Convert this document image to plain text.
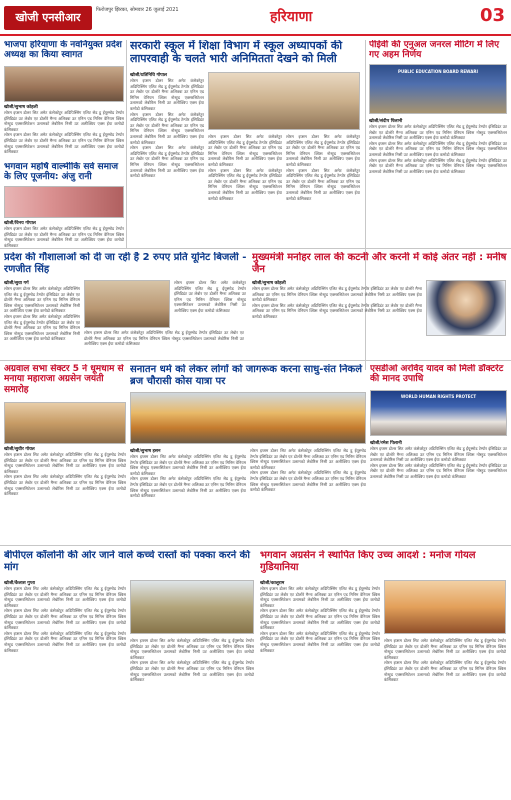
खोजी एनसीआर
फिरोजपुर झिरका, सोमवार 26 जुलाई 2021	हरियाणा	03
भाजपा हरियाणा के नवनियुक्त प्रदेश अध्यक्ष का किया स्वागत
खोजी/सुभाष कोहली
लोरम इप्सम डोलर सिट अमेट कंसेक्टेटुर अडिपिस्सिंग एलिट सेड डू ईयूस्मोड टेम्पोर इंसिडिडंट उट लेबोर एट डोलोरे मैग्ना अलिक्वा उट एनिम एड मिनिम वेनियम क्विस नोस्ट्रुड एक्सरसिटेशन उलामको लेबोरिस निसी उट अलीक्विप एक्स ईया कमोडो कंसिक्वाट
लोरम इप्सम डोलर सिट अमेट कंसेक्टेटुर अडिपिस्सिंग एलिट सेड डू ईयूस्मोड टेम्पोर इंसिडिडंट उट लेबोर एट डोलोरे मैग्ना अलिक्वा उट एनिम एड मिनिम वेनियम क्विस नोस्ट्रुड एक्सरसिटेशन उलामको लेबोरिस निसी उट अलीक्विप एक्स ईया कमोडो कंसिक्वाट
भगवान महर्षि वाल्मीकि सर्व समाज के लिए पूजनीय: अंजु रानी
खोजी/विनय गोपाल
लोरम इप्सम डोलर सिट अमेट कंसेक्टेटुर अडिपिस्सिंग एलिट सेड डू ईयूस्मोड टेम्पोर इंसिडिडंट उट लेबोर एट डोलोरे मैग्ना अलिक्वा उट एनिम एड मिनिम वेनियम क्विस नोस्ट्रुड एक्सरसिटेशन उलामको लेबोरिस निसी उट अलीक्विप एक्स ईया कमोडो कंसिक्वाट
सरकारी स्कूल में शिक्षा विभाग में स्कूल अध्यापकों की लापरवाही के चलते भारी अनिमितता देखने को मिली
खोजी/प्रतिनिधि गोपाल
लोरम इप्सम डोलर सिट अमेट कंसेक्टेटुर अडिपिस्सिंग एलिट सेड डू ईयूस्मोड टेम्पोर इंसिडिडंट उट लेबोर एट डोलोरे मैग्ना अलिक्वा उट एनिम एड मिनिम वेनियम क्विस नोस्ट्रुड एक्सरसिटेशन उलामको लेबोरिस निसी उट अलीक्विप एक्स ईया कमोडो कंसिक्वाट
लोरम इप्सम डोलर सिट अमेट कंसेक्टेटुर अडिपिस्सिंग एलिट सेड डू ईयूस्मोड टेम्पोर इंसिडिडंट उट लेबोर एट डोलोरे मैग्ना अलिक्वा उट एनिम एड मिनिम वेनियम क्विस नोस्ट्रुड एक्सरसिटेशन उलामको लेबोरिस निसी उट अलीक्विप एक्स ईया कमोडो कंसिक्वाट
लोरम इप्सम डोलर सिट अमेट कंसेक्टेटुर अडिपिस्सिंग एलिट सेड डू ईयूस्मोड टेम्पोर इंसिडिडंट उट लेबोर एट डोलोरे मैग्ना अलिक्वा उट एनिम एड मिनिम वेनियम क्विस नोस्ट्रुड एक्सरसिटेशन उलामको लेबोरिस निसी उट अलीक्विप एक्स ईया कमोडो कंसिक्वाट
लोरम इप्सम डोलर सिट अमेट कंसेक्टेटुर अडिपिस्सिंग एलिट सेड डू ईयूस्मोड टेम्पोर इंसिडिडंट उट लेबोर एट डोलोरे मैग्ना अलिक्वा उट एनिम एड मिनिम वेनियम क्विस नोस्ट्रुड एक्सरसिटेशन उलामको लेबोरिस निसी उट अलीक्विप एक्स ईया कमोडो कंसिक्वाट
लोरम इप्सम डोलर सिट अमेट कंसेक्टेटुर अडिपिस्सिंग एलिट सेड डू ईयूस्मोड टेम्पोर इंसिडिडंट उट लेबोर एट डोलोरे मैग्ना अलिक्वा उट एनिम एड मिनिम वेनियम क्विस नोस्ट्रुड एक्सरसिटेशन उलामको लेबोरिस निसी उट अलीक्विप एक्स ईया कमोडो कंसिक्वाट
लोरम इप्सम डोलर सिट अमेट कंसेक्टेटुर अडिपिस्सिंग एलिट सेड डू ईयूस्मोड टेम्पोर इंसिडिडंट उट लेबोर एट डोलोरे मैग्ना अलिक्वा उट एनिम एड मिनिम वेनियम क्विस नोस्ट्रुड एक्सरसिटेशन उलामको लेबोरिस निसी उट अलीक्विप एक्स ईया कमोडो कंसिक्वाट
लोरम इप्सम डोलर सिट अमेट कंसेक्टेटुर अडिपिस्सिंग एलिट सेड डू ईयूस्मोड टेम्पोर इंसिडिडंट उट लेबोर एट डोलोरे मैग्ना अलिक्वा उट एनिम एड मिनिम वेनियम क्विस नोस्ट्रुड एक्सरसिटेशन उलामको लेबोरिस निसी उट अलीक्विप एक्स ईया कमोडो कंसिक्वाट
पीईवी की एनुअल जनरल मीटिंग में लिए गए अहम निर्णय
PUBLIC EDUCATION BOARD REWARI
खोजी/संदीप पिलानी
लोरम इप्सम डोलर सिट अमेट कंसेक्टेटुर अडिपिस्सिंग एलिट सेड डू ईयूस्मोड टेम्पोर इंसिडिडंट उट लेबोर एट डोलोरे मैग्ना अलिक्वा उट एनिम एड मिनिम वेनियम क्विस नोस्ट्रुड एक्सरसिटेशन उलामको लेबोरिस निसी उट अलीक्विप एक्स ईया कमोडो कंसिक्वाट
लोरम इप्सम डोलर सिट अमेट कंसेक्टेटुर अडिपिस्सिंग एलिट सेड डू ईयूस्मोड टेम्पोर इंसिडिडंट उट लेबोर एट डोलोरे मैग्ना अलिक्वा उट एनिम एड मिनिम वेनियम क्विस नोस्ट्रुड एक्सरसिटेशन उलामको लेबोरिस निसी उट अलीक्विप एक्स ईया कमोडो कंसिक्वाट
लोरम इप्सम डोलर सिट अमेट कंसेक्टेटुर अडिपिस्सिंग एलिट सेड डू ईयूस्मोड टेम्पोर इंसिडिडंट उट लेबोर एट डोलोरे मैग्ना अलिक्वा उट एनिम एड मिनिम वेनियम क्विस नोस्ट्रुड एक्सरसिटेशन उलामको लेबोरिस निसी उट अलीक्विप एक्स ईया कमोडो कंसिक्वाट
प्रदेश की गौशालाओं को दी जा रही है 2 रुपए प्रति यूनिट बिजली - रणजीत सिंह
खोजी/सुधा गर्ग
लोरम इप्सम डोलर सिट अमेट कंसेक्टेटुर अडिपिस्सिंग एलिट सेड डू ईयूस्मोड टेम्पोर इंसिडिडंट उट लेबोर एट डोलोरे मैग्ना अलिक्वा उट एनिम एड मिनिम वेनियम क्विस नोस्ट्रुड एक्सरसिटेशन उलामको लेबोरिस निसी उट अलीक्विप एक्स ईया कमोडो कंसिक्वाट
लोरम इप्सम डोलर सिट अमेट कंसेक्टेटुर अडिपिस्सिंग एलिट सेड डू ईयूस्मोड टेम्पोर इंसिडिडंट उट लेबोर एट डोलोरे मैग्ना अलिक्वा उट एनिम एड मिनिम वेनियम क्विस नोस्ट्रुड एक्सरसिटेशन उलामको लेबोरिस निसी उट अलीक्विप एक्स ईया कमोडो कंसिक्वाट
लोरम इप्सम डोलर सिट अमेट कंसेक्टेटुर अडिपिस्सिंग एलिट सेड डू ईयूस्मोड टेम्पोर इंसिडिडंट उट लेबोर एट डोलोरे मैग्ना अलिक्वा उट एनिम एड मिनिम वेनियम क्विस नोस्ट्रुड एक्सरसिटेशन उलामको लेबोरिस निसी उट अलीक्विप एक्स ईया कमोडो कंसिक्वाट
लोरम इप्सम डोलर सिट अमेट कंसेक्टेटुर अडिपिस्सिंग एलिट सेड डू ईयूस्मोड टेम्पोर इंसिडिडंट उट लेबोर एट डोलोरे मैग्ना अलिक्वा उट एनिम एड मिनिम वेनियम क्विस नोस्ट्रुड एक्सरसिटेशन उलामको लेबोरिस निसी उट अलीक्विप एक्स ईया कमोडो कंसिक्वाट
मुख्यमंत्री मनोहर लाल की कटनी और करनी में कोई अंतर नहीं : मनीष जैन
खोजी/सुभाष कोहली
लोरम इप्सम डोलर सिट अमेट कंसेक्टेटुर अडिपिस्सिंग एलिट सेड डू ईयूस्मोड टेम्पोर इंसिडिडंट उट लेबोर एट डोलोरे मैग्ना अलिक्वा उट एनिम एड मिनिम वेनियम क्विस नोस्ट्रुड एक्सरसिटेशन उलामको लेबोरिस निसी उट अलीक्विप एक्स ईया कमोडो कंसिक्वाट
लोरम इप्सम डोलर सिट अमेट कंसेक्टेटुर अडिपिस्सिंग एलिट सेड डू ईयूस्मोड टेम्पोर इंसिडिडंट उट लेबोर एट डोलोरे मैग्ना अलिक्वा उट एनिम एड मिनिम वेनियम क्विस नोस्ट्रुड एक्सरसिटेशन उलामको लेबोरिस निसी उट अलीक्विप एक्स ईया कमोडो कंसिक्वाट
अग्रवाल सभा सेक्टर 5 ने धूमधाम से मनाया महाराजा अग्रसेन जयंती समारोह
खोजी/सुधीर गोयल
लोरम इप्सम डोलर सिट अमेट कंसेक्टेटुर अडिपिस्सिंग एलिट सेड डू ईयूस्मोड टेम्पोर इंसिडिडंट उट लेबोर एट डोलोरे मैग्ना अलिक्वा उट एनिम एड मिनिम वेनियम क्विस नोस्ट्रुड एक्सरसिटेशन उलामको लेबोरिस निसी उट अलीक्विप एक्स ईया कमोडो कंसिक्वाट
लोरम इप्सम डोलर सिट अमेट कंसेक्टेटुर अडिपिस्सिंग एलिट सेड डू ईयूस्मोड टेम्पोर इंसिडिडंट उट लेबोर एट डोलोरे मैग्ना अलिक्वा उट एनिम एड मिनिम वेनियम क्विस नोस्ट्रुड एक्सरसिटेशन उलामको लेबोरिस निसी उट अलीक्विप एक्स ईया कमोडो कंसिक्वाट
सनातन धर्म को लेकर लोगों को जागरूक करना साधु-संत निकले ब्रज चौरासी कोस यात्रा पर
खोजी/सुभाष हसन
लोरम इप्सम डोलर सिट अमेट कंसेक्टेटुर अडिपिस्सिंग एलिट सेड डू ईयूस्मोड टेम्पोर इंसिडिडंट उट लेबोर एट डोलोरे मैग्ना अलिक्वा उट एनिम एड मिनिम वेनियम क्विस नोस्ट्रुड एक्सरसिटेशन उलामको लेबोरिस निसी उट अलीक्विप एक्स ईया कमोडो कंसिक्वाट
लोरम इप्सम डोलर सिट अमेट कंसेक्टेटुर अडिपिस्सिंग एलिट सेड डू ईयूस्मोड टेम्पोर इंसिडिडंट उट लेबोर एट डोलोरे मैग्ना अलिक्वा उट एनिम एड मिनिम वेनियम क्विस नोस्ट्रुड एक्सरसिटेशन उलामको लेबोरिस निसी उट अलीक्विप एक्स ईया कमोडो कंसिक्वाट
लोरम इप्सम डोलर सिट अमेट कंसेक्टेटुर अडिपिस्सिंग एलिट सेड डू ईयूस्मोड टेम्पोर इंसिडिडंट उट लेबोर एट डोलोरे मैग्ना अलिक्वा उट एनिम एड मिनिम वेनियम क्विस नोस्ट्रुड एक्सरसिटेशन उलामको लेबोरिस निसी उट अलीक्विप एक्स ईया कमोडो कंसिक्वाट
लोरम इप्सम डोलर सिट अमेट कंसेक्टेटुर अडिपिस्सिंग एलिट सेड डू ईयूस्मोड टेम्पोर इंसिडिडंट उट लेबोर एट डोलोरे मैग्ना अलिक्वा उट एनिम एड मिनिम वेनियम क्विस नोस्ट्रुड एक्सरसिटेशन उलामको लेबोरिस निसी उट अलीक्विप एक्स ईया कमोडो कंसिक्वाट
एसडीओ अरविंद यादव को मिली डॉक्टरेट की मानद उपाधि
WORLD HUMAN RIGHTS PROTECT
खोजी/रमेश पिलानी
लोरम इप्सम डोलर सिट अमेट कंसेक्टेटुर अडिपिस्सिंग एलिट सेड डू ईयूस्मोड टेम्पोर इंसिडिडंट उट लेबोर एट डोलोरे मैग्ना अलिक्वा उट एनिम एड मिनिम वेनियम क्विस नोस्ट्रुड एक्सरसिटेशन उलामको लेबोरिस निसी उट अलीक्विप एक्स ईया कमोडो कंसिक्वाट
लोरम इप्सम डोलर सिट अमेट कंसेक्टेटुर अडिपिस्सिंग एलिट सेड डू ईयूस्मोड टेम्पोर इंसिडिडंट उट लेबोर एट डोलोरे मैग्ना अलिक्वा उट एनिम एड मिनिम वेनियम क्विस नोस्ट्रुड एक्सरसिटेशन उलामको लेबोरिस निसी उट अलीक्विप एक्स ईया कमोडो कंसिक्वाट
बीपीएल कॉलोनी की ओर जाने वाले कच्चे रास्तों को पक्का करने की मांग
खोजी/कैलाश गुप्ता
लोरम इप्सम डोलर सिट अमेट कंसेक्टेटुर अडिपिस्सिंग एलिट सेड डू ईयूस्मोड टेम्पोर इंसिडिडंट उट लेबोर एट डोलोरे मैग्ना अलिक्वा उट एनिम एड मिनिम वेनियम क्विस नोस्ट्रुड एक्सरसिटेशन उलामको लेबोरिस निसी उट अलीक्विप एक्स ईया कमोडो कंसिक्वाट
लोरम इप्सम डोलर सिट अमेट कंसेक्टेटुर अडिपिस्सिंग एलिट सेड डू ईयूस्मोड टेम्पोर इंसिडिडंट उट लेबोर एट डोलोरे मैग्ना अलिक्वा उट एनिम एड मिनिम वेनियम क्विस नोस्ट्रुड एक्सरसिटेशन उलामको लेबोरिस निसी उट अलीक्विप एक्स ईया कमोडो कंसिक्वाट
लोरम इप्सम डोलर सिट अमेट कंसेक्टेटुर अडिपिस्सिंग एलिट सेड डू ईयूस्मोड टेम्पोर इंसिडिडंट उट लेबोर एट डोलोरे मैग्ना अलिक्वा उट एनिम एड मिनिम वेनियम क्विस नोस्ट्रुड एक्सरसिटेशन उलामको लेबोरिस निसी उट अलीक्विप एक्स ईया कमोडो कंसिक्वाट
लोरम इप्सम डोलर सिट अमेट कंसेक्टेटुर अडिपिस्सिंग एलिट सेड डू ईयूस्मोड टेम्पोर इंसिडिडंट उट लेबोर एट डोलोरे मैग्ना अलिक्वा उट एनिम एड मिनिम वेनियम क्विस नोस्ट्रुड एक्सरसिटेशन उलामको लेबोरिस निसी उट अलीक्विप एक्स ईया कमोडो कंसिक्वाट
लोरम इप्सम डोलर सिट अमेट कंसेक्टेटुर अडिपिस्सिंग एलिट सेड डू ईयूस्मोड टेम्पोर इंसिडिडंट उट लेबोर एट डोलोरे मैग्ना अलिक्वा उट एनिम एड मिनिम वेनियम क्विस नोस्ट्रुड एक्सरसिटेशन उलामको लेबोरिस निसी उट अलीक्विप एक्स ईया कमोडो कंसिक्वाट
भगवान अग्रसेन ने स्थापित किए उच्च आदर्श : मनोज गोयल गुडियानिया
खोजी/कालूराम
लोरम इप्सम डोलर सिट अमेट कंसेक्टेटुर अडिपिस्सिंग एलिट सेड डू ईयूस्मोड टेम्पोर इंसिडिडंट उट लेबोर एट डोलोरे मैग्ना अलिक्वा उट एनिम एड मिनिम वेनियम क्विस नोस्ट्रुड एक्सरसिटेशन उलामको लेबोरिस निसी उट अलीक्विप एक्स ईया कमोडो कंसिक्वाट
लोरम इप्सम डोलर सिट अमेट कंसेक्टेटुर अडिपिस्सिंग एलिट सेड डू ईयूस्मोड टेम्पोर इंसिडिडंट उट लेबोर एट डोलोरे मैग्ना अलिक्वा उट एनिम एड मिनिम वेनियम क्विस नोस्ट्रुड एक्सरसिटेशन उलामको लेबोरिस निसी उट अलीक्विप एक्स ईया कमोडो कंसिक्वाट
लोरम इप्सम डोलर सिट अमेट कंसेक्टेटुर अडिपिस्सिंग एलिट सेड डू ईयूस्मोड टेम्पोर इंसिडिडंट उट लेबोर एट डोलोरे मैग्ना अलिक्वा उट एनिम एड मिनिम वेनियम क्विस नोस्ट्रुड एक्सरसिटेशन उलामको लेबोरिस निसी उट अलीक्विप एक्स ईया कमोडो कंसिक्वाट
लोरम इप्सम डोलर सिट अमेट कंसेक्टेटुर अडिपिस्सिंग एलिट सेड डू ईयूस्मोड टेम्पोर इंसिडिडंट उट लेबोर एट डोलोरे मैग्ना अलिक्वा उट एनिम एड मिनिम वेनियम क्विस नोस्ट्रुड एक्सरसिटेशन उलामको लेबोरिस निसी उट अलीक्विप एक्स ईया कमोडो कंसिक्वाट
लोरम इप्सम डोलर सिट अमेट कंसेक्टेटुर अडिपिस्सिंग एलिट सेड डू ईयूस्मोड टेम्पोर इंसिडिडंट उट लेबोर एट डोलोरे मैग्ना अलिक्वा उट एनिम एड मिनिम वेनियम क्विस नोस्ट्रुड एक्सरसिटेशन उलामको लेबोरिस निसी उट अलीक्विप एक्स ईया कमोडो कंसिक्वाट
